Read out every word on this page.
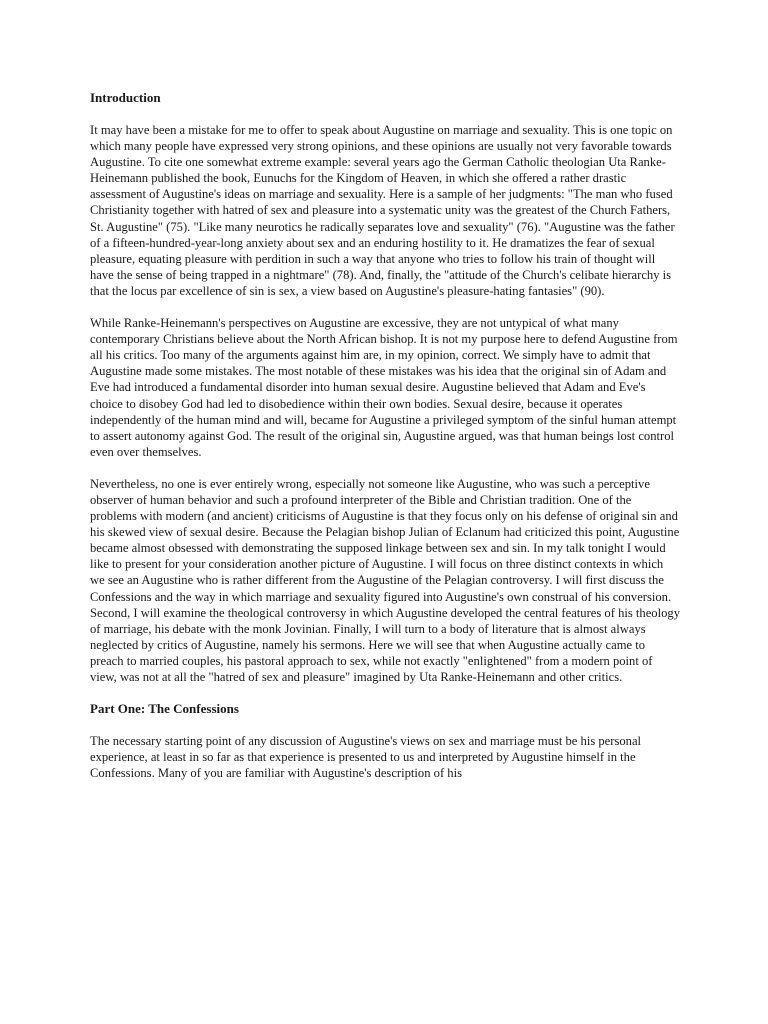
Introduction

It may have been a mistake for me to offer to speak about Augustine on marriage and sexuality. This is one topic on which many people have expressed very strong opinions, and these opinions are usually not very favorable towards Augustine. To cite one somewhat extreme example: several years ago the German Catholic theologian Uta Ranke-Heinemann published the book, Eunuchs for the Kingdom of Heaven, in which she offered a rather drastic assessment of Augustine's ideas on marriage and sexuality. Here is a sample of her judgments: "The man who fused Christianity together with hatred of sex and pleasure into a systematic unity was the greatest of the Church Fathers, St. Augustine" (75). "Like many neurotics he radically separates love and sexuality" (76). "Augustine was the father of a fifteen-hundred-year-long anxiety about sex and an enduring hostility to it. He dramatizes the fear of sexual pleasure, equating pleasure with perdition in such a way that anyone who tries to follow his train of thought will have the sense of being trapped in a nightmare" (78). And, finally, the "attitude of the Church's celibate hierarchy is that the locus par excellence of sin is sex, a view based on Augustine's pleasure-hating fantasies" (90).

While Ranke-Heinemann's perspectives on Augustine are excessive, they are not untypical of what many contemporary Christians believe about the North African bishop. It is not my purpose here to defend Augustine from all his critics. Too many of the arguments against him are, in my opinion, correct. We simply have to admit that Augustine made some mistakes. The most notable of these mistakes was his idea that the original sin of Adam and Eve had introduced a fundamental disorder into human sexual desire. Augustine believed that Adam and Eve's choice to disobey God had led to disobedience within their own bodies. Sexual desire, because it operates independently of the human mind and will, became for Augustine a privileged symptom of the sinful human attempt to assert autonomy against God. The result of the original sin, Augustine argued, was that human beings lost control even over themselves.

Nevertheless, no one is ever entirely wrong, especially not someone like Augustine, who was such a perceptive observer of human behavior and such a profound interpreter of the Bible and Christian tradition. One of the problems with modern (and ancient) criticisms of Augustine is that they focus only on his defense of original sin and his skewed view of sexual desire. Because the Pelagian bishop Julian of Eclanum had criticized this point, Augustine became almost obsessed with demonstrating the supposed linkage between sex and sin. In my talk tonight I would like to present for your consideration another picture of Augustine. I will focus on three distinct contexts in which we see an Augustine who is rather different from the Augustine of the Pelagian controversy. I will first discuss the Confessions and the way in which marriage and sexuality figured into Augustine's own construal of his conversion. Second, I will examine the theological controversy in which Augustine developed the central features of his theology of marriage, his debate with the monk Jovinian. Finally, I will turn to a body of literature that is almost always neglected by critics of Augustine, namely his sermons. Here we will see that when Augustine actually came to preach to married couples, his pastoral approach to sex, while not exactly "enlightened" from a modern point of view, was not at all the "hatred of sex and pleasure" imagined by Uta Ranke-Heinemann and other critics.

Part One: The Confessions

The necessary starting point of any discussion of Augustine's views on sex and marriage must be his personal experience, at least in so far as that experience is presented to us and interpreted by Augustine himself in the Confessions. Many of you are familiar with Augustine's description of his
